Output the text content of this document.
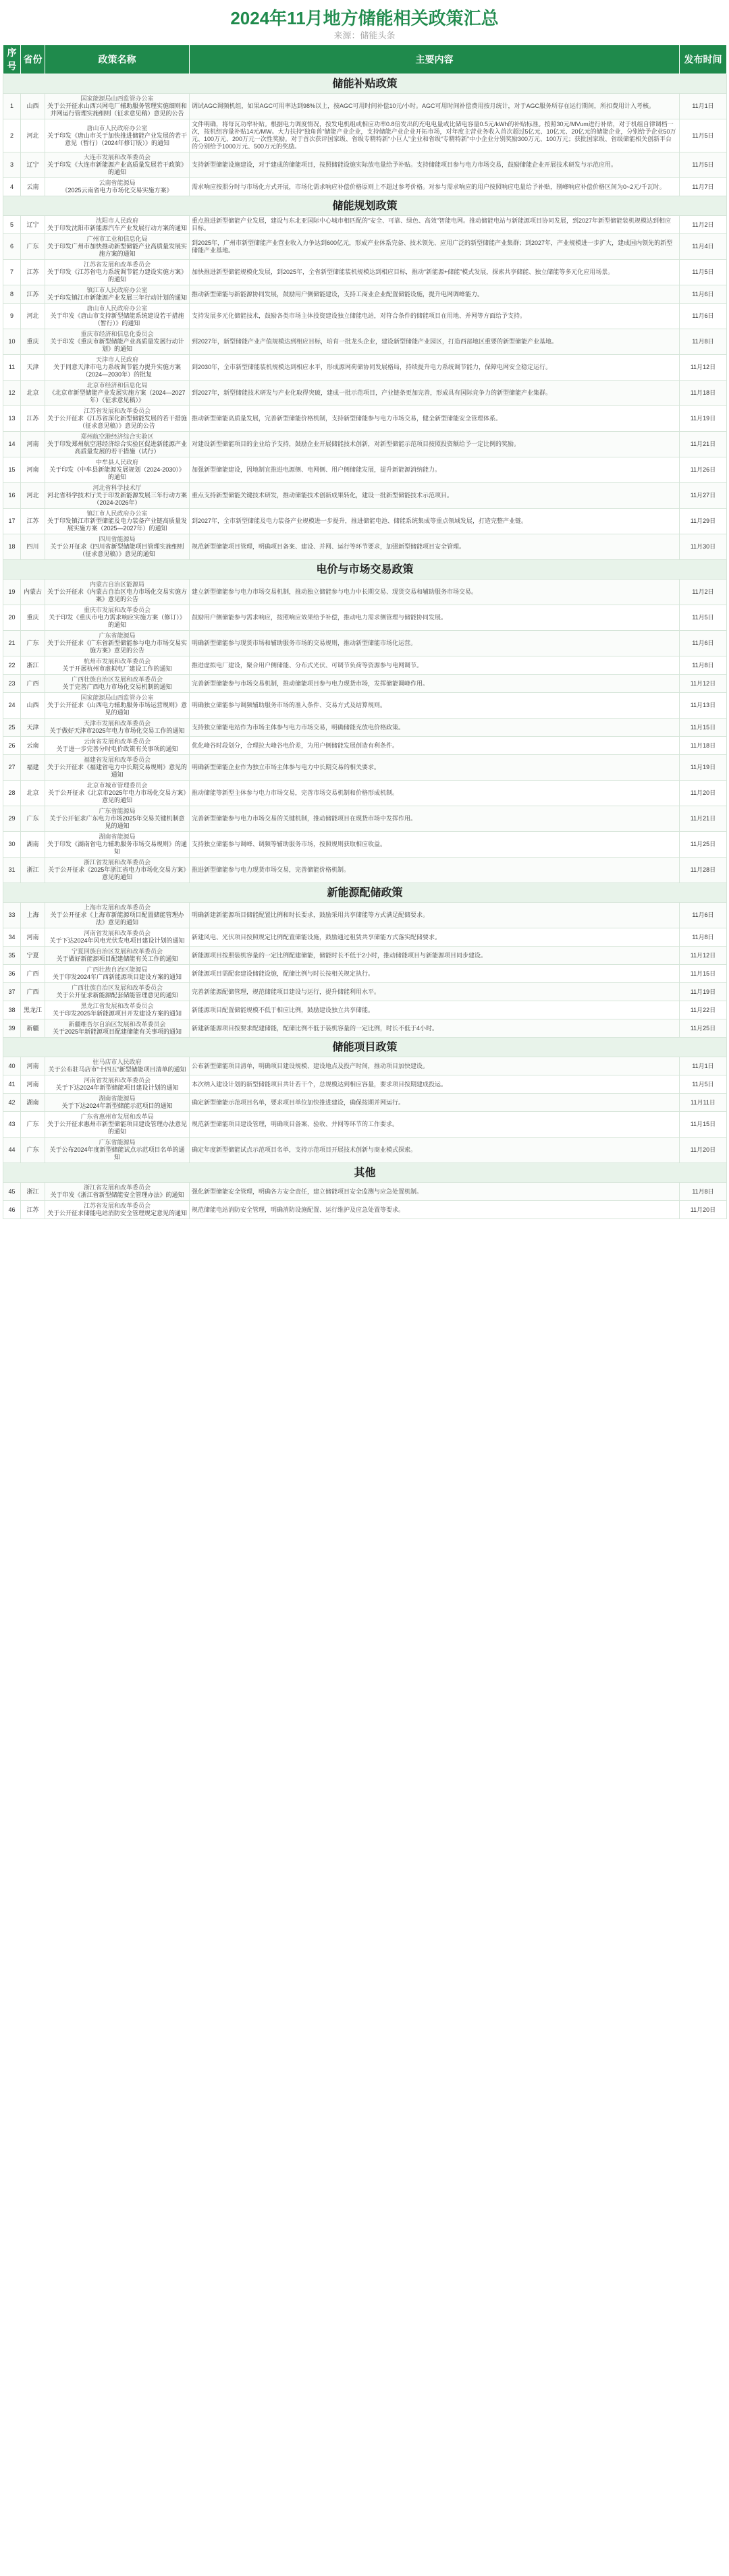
2024年11月地方储能相关政策汇总
来源：储能头条
序号	省份	政策名称	主要内容	发布时间
储能补贴政策				
1	山西	国家能源局山西监管办公室
关于公开征求山西兴网电厂辅助服务管理实施细则和并网运行管理实施细则（征求意见稿）意见的公告	调试AGC调频机组，如果AGC可用率达到98%以上，按AGC可用时间补偿10元/小时。AGC可用时间补偿费用按月统计，对于AGC服务所存在运行期间，所扣费用计入考核。	11月1日
2	河北	唐山市人民政府办公室
关于印发《唐山市关于加快推进储能产业发展的若干意见（暂行）（2024年修订版）》的通知	文件明确，将每瓦功率补贴。根据电力调度情况，按发电机组或相应功率0.8倍发出的充电电量或比储电容量0.5元/kWh的补贴标准。按照30元/MVum进行补贴，对于机组自律调档一次，按机组容量补贴14元/MW。大力扶持“独角兽”储能产业企业，支持储能产业企业开拓市场，对年度主营业务收入首次超过5亿元、10亿元、20亿元的储能企业，分别给予企业50万元、100万元、200万元一次性奖励。对于首次获评国家级、省级专精特新“小巨人”企业和省级“专精特新”中小企业分别奖励300万元、100万元；获批国家级、省级储能相关创新平台的分别给予1000万元、500万元的奖励。	11月5日
3	辽宁	大连市发展和改革委员会
关于印发《大连市新能源产业高质量发展若干政策》的通知	支持新型储能设施建设，对于建成的储能项目，按照储能设施实际放电量给予补贴。支持储能项目参与电力市场交易，鼓励储能企业开展技术研发与示范应用。	11月5日
4	云南	云南省能源局
《2025云南省电力市场化交易实施方案》	需求响应按照分时与市场化方式开展，市场化需求响应补偿价格原则上不超过参考价格。对参与需求响应的用户按照响应电量给予补贴，削峰响应补偿价格区间为0~2元/千瓦时。	11月7日
储能规划政策				
5	辽宁	沈阳市人民政府
关于印发沈阳市新能源汽车产业发展行动方案的通知	重点推进新型储能产业发展，建设与东北亚国际中心城市相匹配的“安全、可靠、绿色、高效”智能电网。推动储能电站与新能源项目协同发展，到2027年新型储能装机规模达到相应目标。	11月2日
6	广东	广州市工业和信息化局
关于印发广州市加快推动新型储能产业高质量发展实施方案的通知	到2025年，广州市新型储能产业营业收入力争达到600亿元，形成产业体系完备、技术领先、应用广泛的新型储能产业集群；到2027年，产业规模进一步扩大，建成国内领先的新型储能产业基地。	11月4日
7	江苏	江苏省发展和改革委员会
关于印发《江苏省电力系统调节能力建设实施方案》的通知	加快推进新型储能规模化发展，到2025年，全省新型储能装机规模达到相应目标，推动“新能源+储能”模式发展，探索共享储能、独立储能等多元化应用场景。	11月5日
8	江苏	镇江市人民政府办公室
关于印发镇江市新能源产业发展三年行动计划的通知	推动新型储能与新能源协同发展，鼓励用户侧储能建设，支持工商业企业配置储能设施，提升电网调峰能力。	11月6日
9	河北	唐山市人民政府办公室
关于印发《唐山市支持新型储能系统建设若干措施（暂行）》的通知	支持发展多元化储能技术，鼓励各类市场主体投资建设独立储能电站，对符合条件的储能项目在用地、并网等方面给予支持。	11月6日
10	重庆	重庆市经济和信息化委员会
关于印发《重庆市新型储能产业高质量发展行动计划》的通知	到2027年，新型储能产业产值规模达到相应目标，培育一批龙头企业，建设新型储能产业园区，打造西部地区重要的新型储能产业基地。	11月8日
11	天津	天津市人民政府
关于同意天津市电力系统调节能力提升实施方案（2024—2030年）的批复	到2030年，全市新型储能装机规模达到相应水平，形成源网荷储协同发展格局，持续提升电力系统调节能力，保障电网安全稳定运行。	11月12日
12	北京	北京市经济和信息化局
《北京市新型储能产业发展实施方案（2024—2027年）（征求意见稿）》	到2027年，新型储能技术研发与产业化取得突破，建成一批示范项目，产业链条更加完善，形成具有国际竞争力的新型储能产业集群。	11月18日
13	江苏	江苏省发展和改革委员会
关于公开征求《江苏省深化新型储能发展的若干措施（征求意见稿）》意见的公告	推动新型储能高质量发展，完善新型储能价格机制，支持新型储能参与电力市场交易，健全新型储能安全管理体系。	11月19日
14	河南	郑州航空港经济综合实验区
关于印发郑州航空港经济综合实验区促进新能源产业高质量发展的若干措施（试行）	对建设新型储能项目的企业给予支持，鼓励企业开展储能技术创新，对新型储能示范项目按照投资额给予一定比例的奖励。	11月21日
15	河南	中牟县人民政府
关于印发《中牟县新能源发展规划（2024-2030）》的通知	加强新型储能建设，因地制宜推进电源侧、电网侧、用户侧储能发展，提升新能源消纳能力。	11月26日
16	河北	河北省科学技术厅
河北省科学技术厅关于印发新能源发展三年行动方案（2024-2026年）	重点支持新型储能关键技术研发，推动储能技术创新成果转化，建设一批新型储能技术示范项目。	11月27日
17	江苏	镇江市人民政府办公室
关于印发镇江市新型储能及电力装备产业链高质量发展实施方案（2025—2027年）的通知	到2027年，全市新型储能及电力装备产业规模进一步提升，推进储能电池、储能系统集成等重点领域发展，打造完整产业链。	11月29日
18	四川	四川省能源局
关于公开征求《四川省新型储能项目管理实施细则（征求意见稿）》意见的通知	规范新型储能项目管理，明确项目备案、建设、并网、运行等环节要求，加强新型储能项目安全管理。	11月30日
电价与市场交易政策				
19	内蒙古	内蒙古自治区能源局
关于公开征求《内蒙古自治区电力市场化交易实施方案》意见的公告	建立新型储能参与电力市场交易机制，推动独立储能参与电力中长期交易、现货交易和辅助服务市场交易。	11月2日
20	重庆	重庆市发展和改革委员会
关于印发《重庆市电力需求响应实施方案（修订）》的通知	鼓励用户侧储能参与需求响应，按照响应效果给予补偿，推动电力需求侧管理与储能协同发展。	11月5日
21	广东	广东省能源局
关于公开征求《广东省新型储能参与电力市场交易实施方案》意见的公告	明确新型储能参与现货市场和辅助服务市场的交易规则，推动新型储能市场化运营。	11月6日
22	浙江	杭州市发展和改革委员会
关于开展杭州市虚拟电厂建设工作的通知	推进虚拟电厂建设，聚合用户侧储能、分布式光伏、可调节负荷等资源参与电网调节。	11月8日
23	广西	广西壮族自治区发展和改革委员会
关于完善广西电力市场化交易机制的通知	完善新型储能参与市场交易机制，推动储能项目参与电力现货市场，发挥储能调峰作用。	11月12日
24	山西	国家能源局山西监管办公室
关于公开征求《山西电力辅助服务市场运营规则》意见的通知	明确独立储能参与调频辅助服务市场的准入条件、交易方式及结算规则。	11月13日
25	天津	天津市发展和改革委员会
关于做好天津市2025年电力市场化交易工作的通知	支持独立储能电站作为市场主体参与电力市场交易，明确储能充放电价格政策。	11月15日
26	云南	云南省发展和改革委员会
关于进一步完善分时电价政策有关事项的通知	优化峰谷时段划分，合理拉大峰谷电价差，为用户侧储能发展创造有利条件。	11月18日
27	福建	福建省发展和改革委员会
关于公开征求《福建省电力中长期交易规则》意见的通知	明确新型储能企业作为独立市场主体参与电力中长期交易的相关要求。	11月19日
28	北京	北京市城市管理委员会
关于公开征求《北京市2025年电力市场化交易方案》意见的通知	推动储能等新型主体参与电力市场交易，完善市场交易机制和价格形成机制。	11月20日
29	广东	广东省能源局
关于公开征求广东电力市场2025年交易关键机制意见的通知	完善新型储能参与电力市场交易的关键机制，推动储能项目在现货市场中发挥作用。	11月21日
30	湖南	湖南省能源局
关于印发《湖南省电力辅助服务市场交易规则》的通知	支持独立储能参与调峰、调频等辅助服务市场，按照规则获取相应收益。	11月25日
31	浙江	浙江省发展和改革委员会
关于公开征求《2025年浙江省电力市场化交易方案》意见的通知	推进新型储能参与电力现货市场交易，完善储能价格机制。	11月28日
新能源配储政策				
33	上海	上海市发展和改革委员会
关于公开征求《上海市新能源项目配置储能管理办法》意见的通知	明确新建新能源项目储能配置比例和时长要求，鼓励采用共享储能等方式满足配储要求。	11月6日
34	河南	河南省发展和改革委员会
关于下达2024年风电光伏发电项目建设计划的通知	新建风电、光伏项目按照规定比例配置储能设施，鼓励通过租赁共享储能方式落实配储要求。	11月8日
35	宁夏	宁夏回族自治区发展和改革委员会
关于做好新能源项目配建储能有关工作的通知	新能源项目按照装机容量的一定比例配建储能，储能时长不低于2小时，推动储能项目与新能源项目同步建设。	11月12日
36	广西	广西壮族自治区能源局
关于印发2024年广西新能源项目建设方案的通知	新能源项目需配套建设储能设施，配储比例与时长按相关规定执行。	11月15日
37	广西	广西壮族自治区发展和改革委员会
关于公开征求新能源配套储能管理意见的通知	完善新能源配储管理，规范储能项目建设与运行，提升储能利用水平。	11月19日
38	黑龙江	黑龙江省发展和改革委员会
关于印发2025年新能源项目开发建设方案的通知	新能源项目配置储能规模不低于相应比例，鼓励建设独立共享储能。	11月22日
39	新疆	新疆维吾尔自治区发展和改革委员会
关于2025年新能源项目配建储能有关事项的通知	新建新能源项目按要求配建储能，配储比例不低于装机容量的一定比例，时长不低于4小时。	11月25日
储能项目政策				
40	河南	驻马店市人民政府
关于公布驻马店市“十四五”新型储能项目清单的通知	公布新型储能项目清单，明确项目建设规模、建设地点及投产时间，推动项目加快建设。	11月1日
41	河南	河南省发展和改革委员会
关于下达2024年新型储能项目建设计划的通知	本次纳入建设计划的新型储能项目共计若干个，总规模达到相应容量，要求项目按期建成投运。	11月5日
42	湖南	湖南省能源局
关于下达2024年新型储能示范项目的通知	确定新型储能示范项目名单，要求项目单位加快推进建设，确保按期并网运行。	11月11日
43	广东	广东省惠州市发展和改革局
关于公开征求惠州市新型储能项目建设管理办法意见的通知	规范新型储能项目建设管理，明确项目备案、验收、并网等环节的工作要求。	11月15日
44	广东	广东省能源局
关于公布2024年度新型储能试点示范项目名单的通知	确定年度新型储能试点示范项目名单，支持示范项目开展技术创新与商业模式探索。	11月20日
其他				
45	浙江	浙江省发展和改革委员会
关于印发《浙江省新型储能安全管理办法》的通知	强化新型储能安全管理，明确各方安全责任，建立储能项目安全监测与应急处置机制。	11月8日
46	江苏	江苏省发展和改革委员会
关于公开征求储能电站消防安全管理规定意见的通知	规范储能电站消防安全管理，明确消防设施配置、运行维护及应急处置等要求。	11月20日
